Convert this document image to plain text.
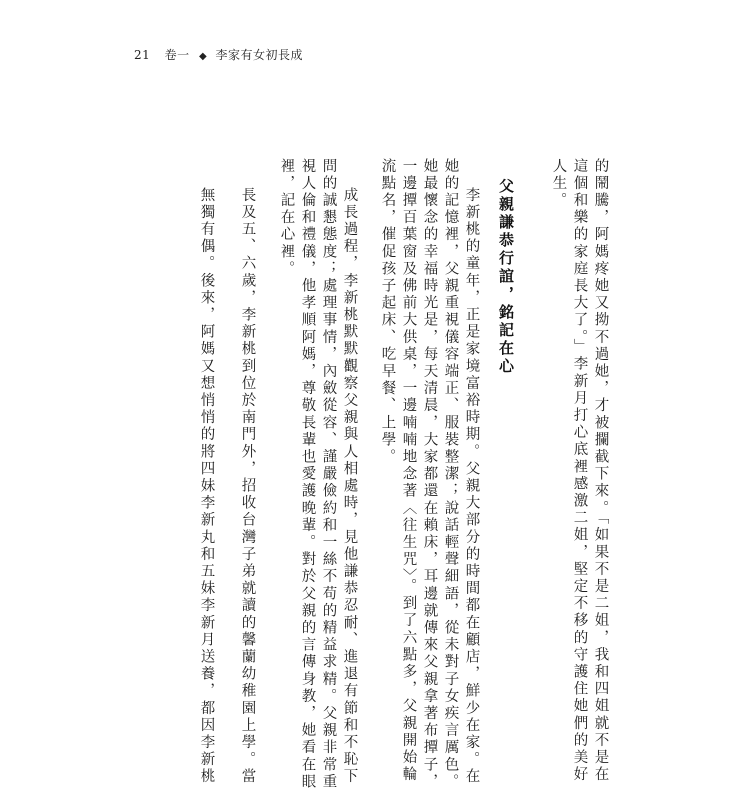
21 卷一 ◆ 李家有女初長成
的鬧騰，阿媽疼她又拗不過她，才被攔截下來。「如果不是二姐，我和四姐就不是在
這個和樂的家庭長大了。」李新月打心底裡感激二姐，堅定不移的守護住她們的美好
人生。
父親謙恭行誼，銘記在心
李新桃的童年，正是家境富裕時期。父親大部分的時間都在顧店，鮮少在家。在
她的記憶裡，父親重視儀容端正、服裝整潔；說話輕聲細語，從未對子女疾言厲色。
她最懷念的幸福時光是，每天清晨，大家都還在賴床，耳邊就傳來父親拿著布撢子，
一邊撢百葉窗及佛前大供桌，一邊喃喃地念著〈往生咒〉。到了六點多，父親開始輪
流點名，催促孩子起床、吃早餐、上學。
成長過程，李新桃默默觀察父親與人相處時，見他謙恭忍耐、進退有節和不恥下
問的誠懇態度；處理事情，內斂從容、謹嚴儉約和一絲不苟的精益求精。父親非常重
視人倫和禮儀，他孝順阿媽，尊敬長輩也愛護晚輩。對於父親的言傳身教，她看在眼
裡，記在心裡。
長及五、六歲，李新桃到位於南門外，招收台灣子弟就讀的馨蘭幼稚園上學。當
無獨有偶。後來，阿媽又想悄悄的將四妹李新丸和五妹李新月送養，都因李新桃
